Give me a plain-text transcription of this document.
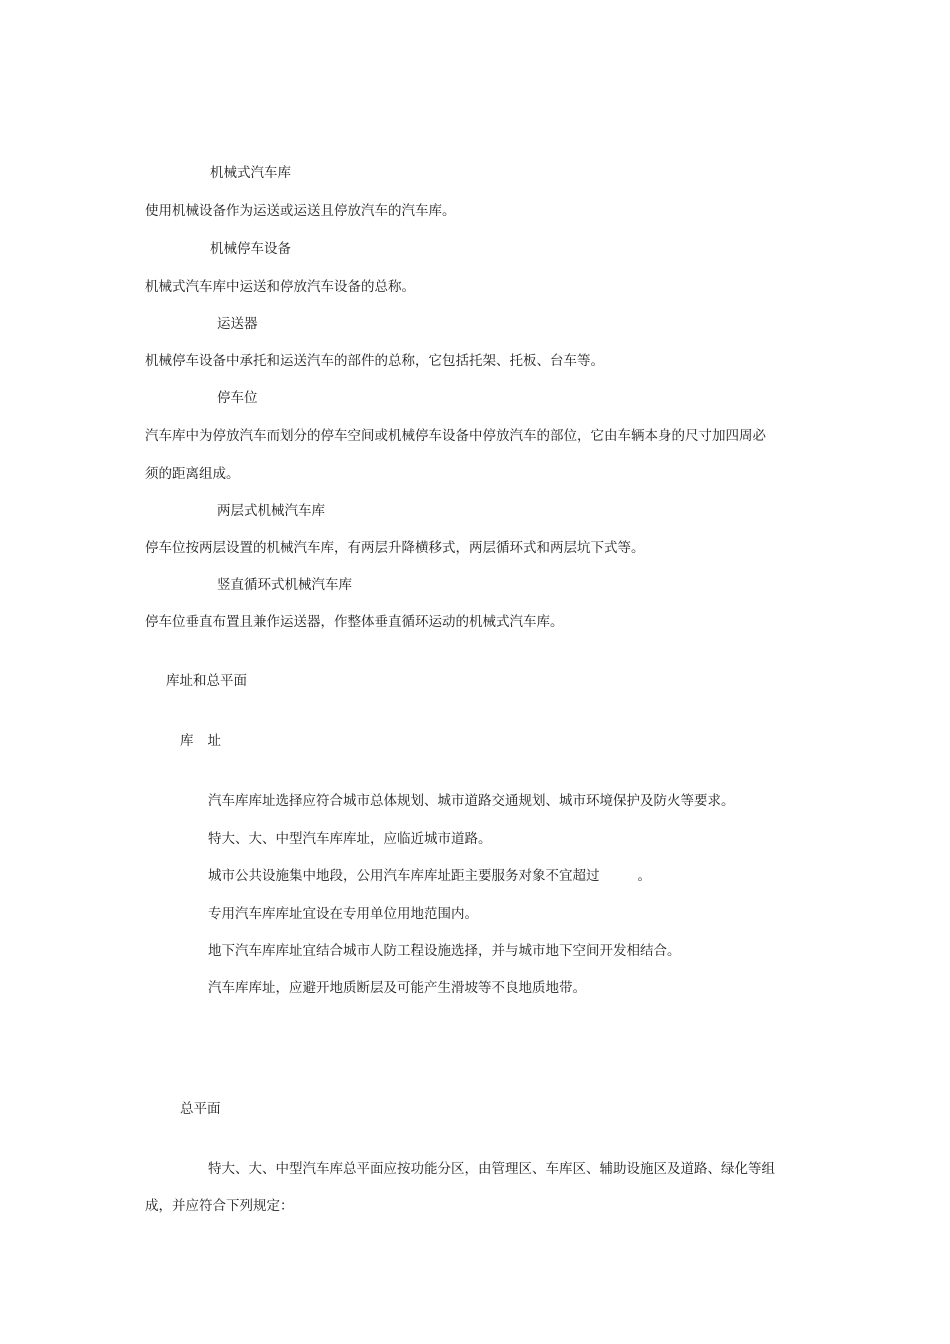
机械式汽车库
使用机械设备作为运送或运送且停放汽车的汽车库。
机械停车设备
机械式汽车库中运送和停放汽车设备的总称。
运送器
机械停车设备中承托和运送汽车的部件的总称，它包括托架、托板、台车等。
停车位
汽车库中为停放汽车而划分的停车空间或机械停车设备中停放汽车的部位，它由车辆本身的尺寸加四周必
须的距离组成。
两层式机械汽车库
停车位按两层设置的机械汽车库，有两层升降横移式，两层循环式和两层坑下式等。
竖直循环式机械汽车库
停车位垂直布置且兼作运送器，作整体垂直循环运动的机械式汽车库。
库址和总平面
库 址
汽车库库址选择应符合城市总体规划、城市道路交通规划、城市环境保护及防火等要求。
特大、大、中型汽车库库址，应临近城市道路。
城市公共设施集中地段，公用汽车库库址距主要服务对象不宜超过	。
专用汽车库库址宜设在专用单位用地范围内。
地下汽车库库址宜结合城市人防工程设施选择，并与城市地下空间开发相结合。
汽车库库址，应避开地质断层及可能产生滑坡等不良地质地带。
总平面
特大、大、中型汽车库总平面应按功能分区，由管理区、车库区、辅助设施区及道路、绿化等组
成，并应符合下列规定：
